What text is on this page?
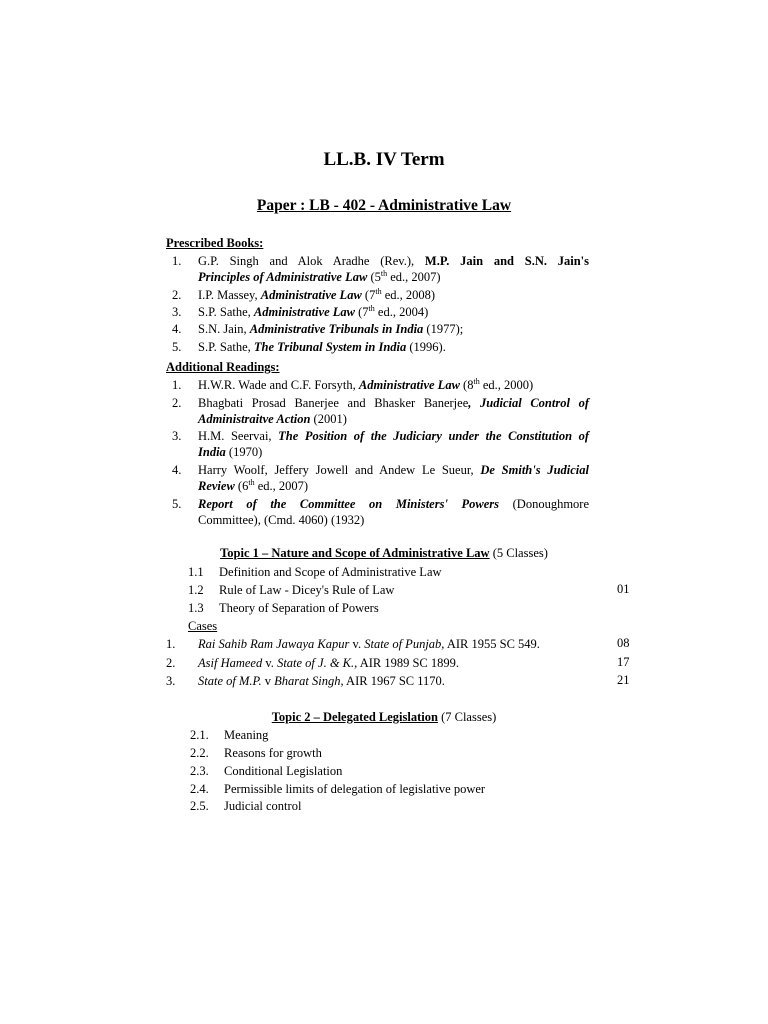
LL.B. IV Term
Paper : LB - 402 - Administrative Law
Prescribed Books:
1. G.P. Singh and Alok Aradhe (Rev.), M.P. Jain and S.N. Jain's
Principles of Administrative Law (5th ed., 2007)
2. I.P. Massey, Administrative Law (7th ed., 2008)
3. S.P. Sathe, Administrative Law (7th ed., 2004)
4. S.N. Jain, Administrative Tribunals in India (1977);
5. S.P. Sathe, The Tribunal System in India (1996).
Additional Readings:
1. H.W.R. Wade and C.F. Forsyth, Administrative Law (8th ed., 2000)
2. Bhagbati Prosad Banerjee and Bhasker Banerjee, Judicial Control of
Administraitve Action (2001)
3. H.M. Seervai, The Position of the Judiciary under the Constitution of
India (1970)
4. Harry Woolf, Jeffery Jowell and Andew Le Sueur, De Smith's Judicial
Review (6th ed., 2007)
5. Report of the Committee on Ministers' Powers (Donoughmore
Committee), (Cmd. 4060) (1932)
Topic 1 – Nature and Scope of Administrative Law (5 Classes)
1.1 Definition and Scope of Administrative Law
1.2 Rule of Law - Dicey's Rule of Law	01
1.3 Theory of Separation of Powers
Cases
1. Rai Sahib Ram Jawaya Kapur v. State of Punjab, AIR 1955 SC 549.	08
2. Asif Hameed v. State of J. & K., AIR 1989 SC 1899.	17
3. State of M.P. v Bharat Singh, AIR 1967 SC 1170.	21
Topic 2 – Delegated Legislation (7 Classes)
2.1. Meaning
2.2. Reasons for growth
2.3. Conditional Legislation
2.4. Permissible limits of delegation of legislative power
2.5. Judicial control
